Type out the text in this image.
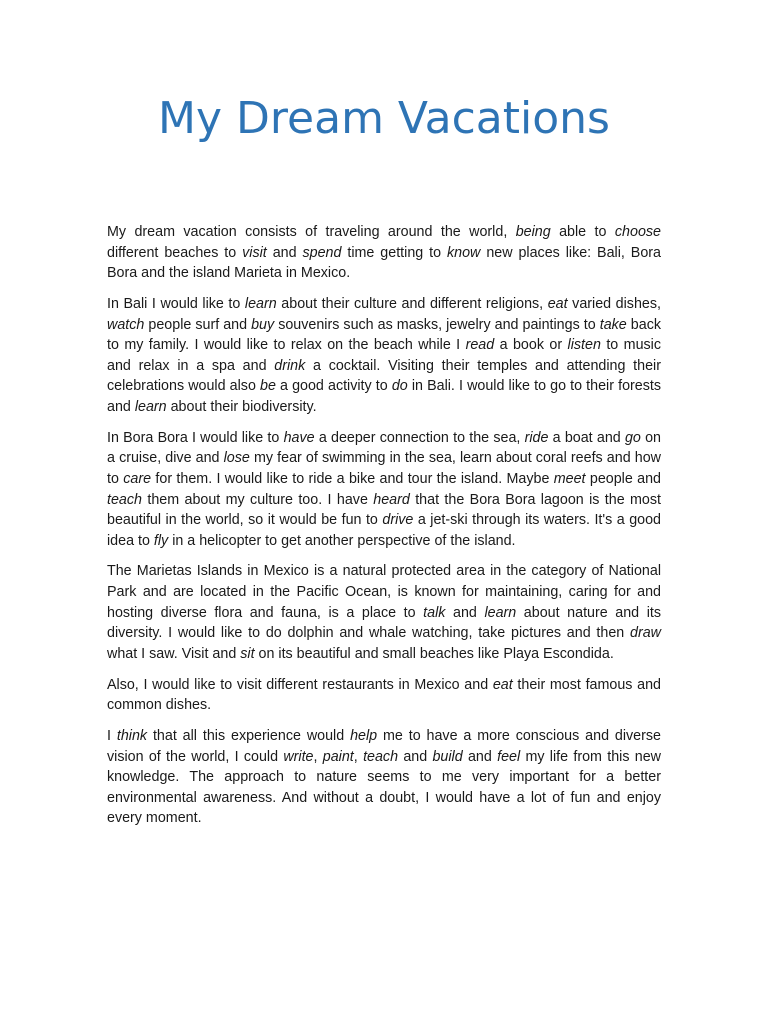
My Dream Vacations

My dream vacation consists of traveling around the world, being able to choose different beaches to visit and spend time getting to know new places like: Bali, Bora Bora and the island Marieta in Mexico.

In Bali I would like to learn about their culture and different religions, eat varied dishes, watch people surf and buy souvenirs such as masks, jewelry and paintings to take back to my family. I would like to relax on the beach while I read a book or listen to music and relax in a spa and drink a cocktail. Visiting their temples and attending their celebrations would also be a good activity to do in Bali. I would like to go to their forests and learn about their biodiversity.

In Bora Bora I would like to have a deeper connection to the sea, ride a boat and go on a cruise, dive and lose my fear of swimming in the sea, learn about coral reefs and how to care for them. I would like to ride a bike and tour the island. Maybe meet people and teach them about my culture too. I have heard that the Bora Bora lagoon is the most beautiful in the world, so it would be fun to drive a jet-ski through its waters. It's a good idea to fly in a helicopter to get another perspective of the island.

The Marietas Islands in Mexico is a natural protected area in the category of National Park and are located in the Pacific Ocean, is known for maintaining, caring for and hosting diverse flora and fauna, is a place to talk and learn about nature and its diversity. I would like to do dolphin and whale watching, take pictures and then draw what I saw. Visit and sit on its beautiful and small beaches like Playa Escondida.

Also, I would like to visit different restaurants in Mexico and eat their most famous and common dishes.

I think that all this experience would help me to have a more conscious and diverse vision of the world, I could write, paint, teach and build and feel my life from this new knowledge. The approach to nature seems to me very important for a better environmental awareness. And without a doubt, I would have a lot of fun and enjoy every moment.
